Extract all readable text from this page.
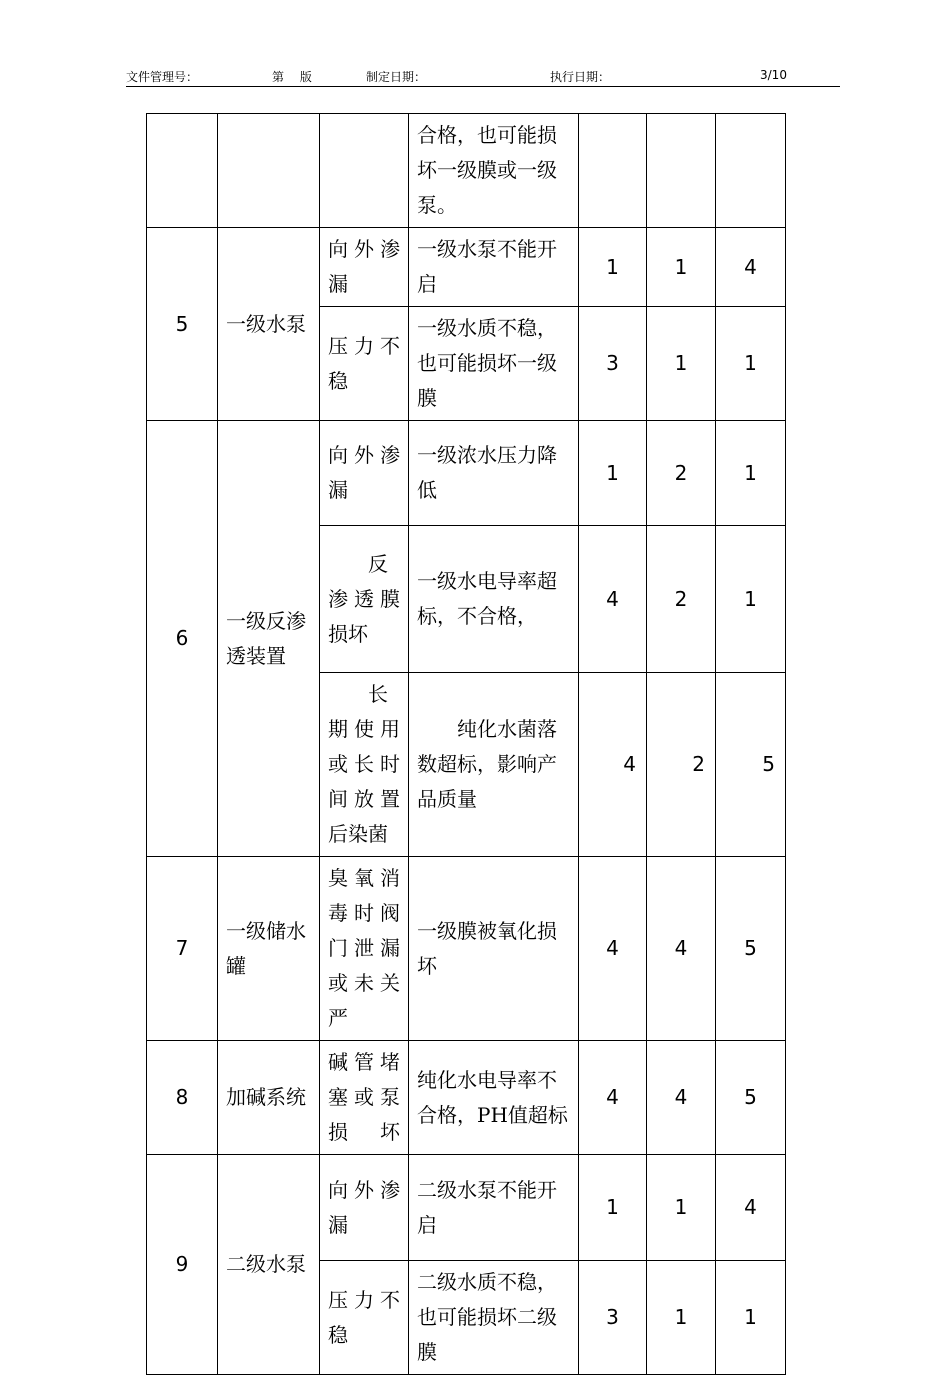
文件管理号：	第　 版	制定日期：	执行日期：	3/10
			合格，也可能损坏一级膜或一级泵。			
5	一级水泵	向外渗漏	一级水泵不能开启	1	1	4
		压力不稳	一级水质不稳，也可能损坏一级膜	3	1	1
6	一级反渗透装置	向外渗漏	一级浓水压力降低	1	2	1

		反渗透膜损坏	一级水电导率超标，不合格，	4	2	1

		长期使用或长时间放置后染菌	纯化水菌落数超标，影响产品质量	4	2	5
7	一级储水罐	臭氧消毒时阀门泄漏或未关严	一级膜被氧化损坏	4	4	5
8	加碱系统	碱管堵塞或泵损坏	纯化水电导率不合格，PH值超标	4	4	5
9	二级水泵	向外渗漏	二级水泵不能开启	1	1	4
		压力不稳	二级水质不稳，也可能损坏二级膜	3	1	1
